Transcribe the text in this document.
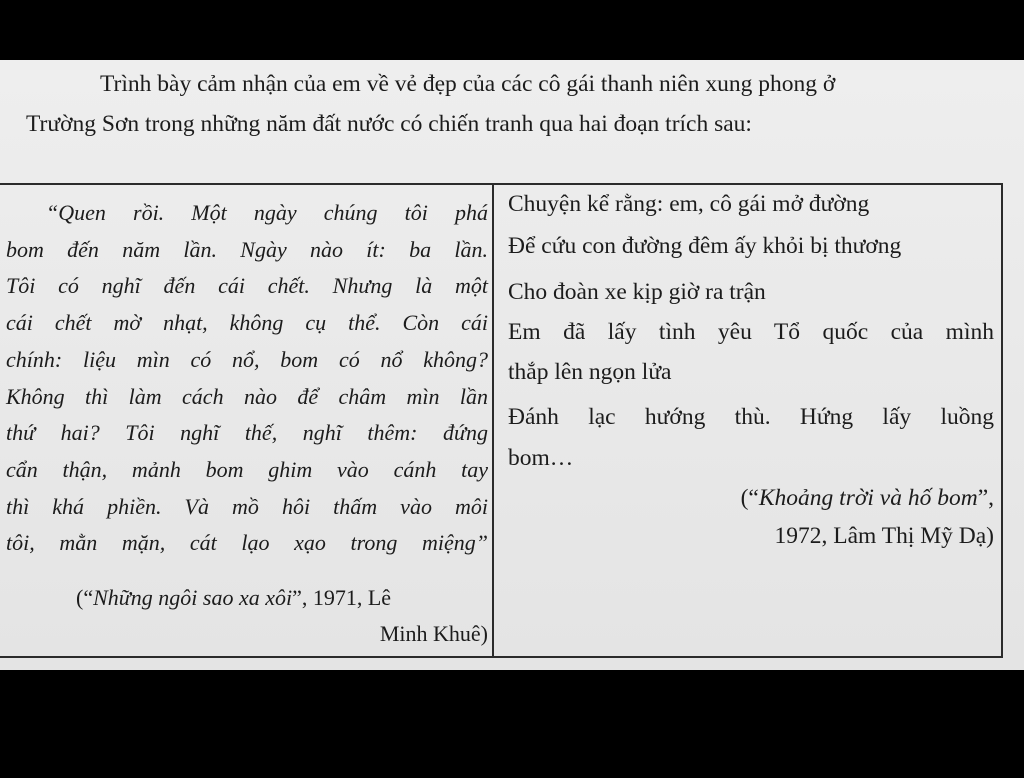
Trình bày cảm nhận của em về vẻ đẹp của các cô gái thanh niên xung phong ở
Trường Sơn trong những năm đất nước có chiến tranh qua hai đoạn trích sau:
“Quen rồi. Một ngày chúng tôi phá
bom đến năm lần. Ngày nào ít: ba lần.
Tôi có nghĩ đến cái chết. Nhưng là một
cái chết mờ nhạt, không cụ thể. Còn cái
chính: liệu mìn có nổ, bom có nổ không?
Không thì làm cách nào để châm mìn lần
thứ hai? Tôi nghĩ thế, nghĩ thêm: đứng
cẩn thận, mảnh bom ghim vào cánh tay
thì khá phiền. Và mồ hôi thấm vào môi
tôi, mằn mặn, cát lạo xạo trong miệng”
(“Những ngôi sao xa xôi”, 1971, Lê
Minh Khuê)
Chuyện kể rằng: em, cô gái mở đường
Để cứu con đường đêm ấy khỏi bị thương
Cho đoàn xe kịp giờ ra trận
Em đã lấy tình yêu Tổ quốc của mình
thắp lên ngọn lửa
Đánh lạc hướng thù. Hứng lấy luồng
bom…
(“Khoảng trời và hố bom”,
1972, Lâm Thị Mỹ Dạ)
